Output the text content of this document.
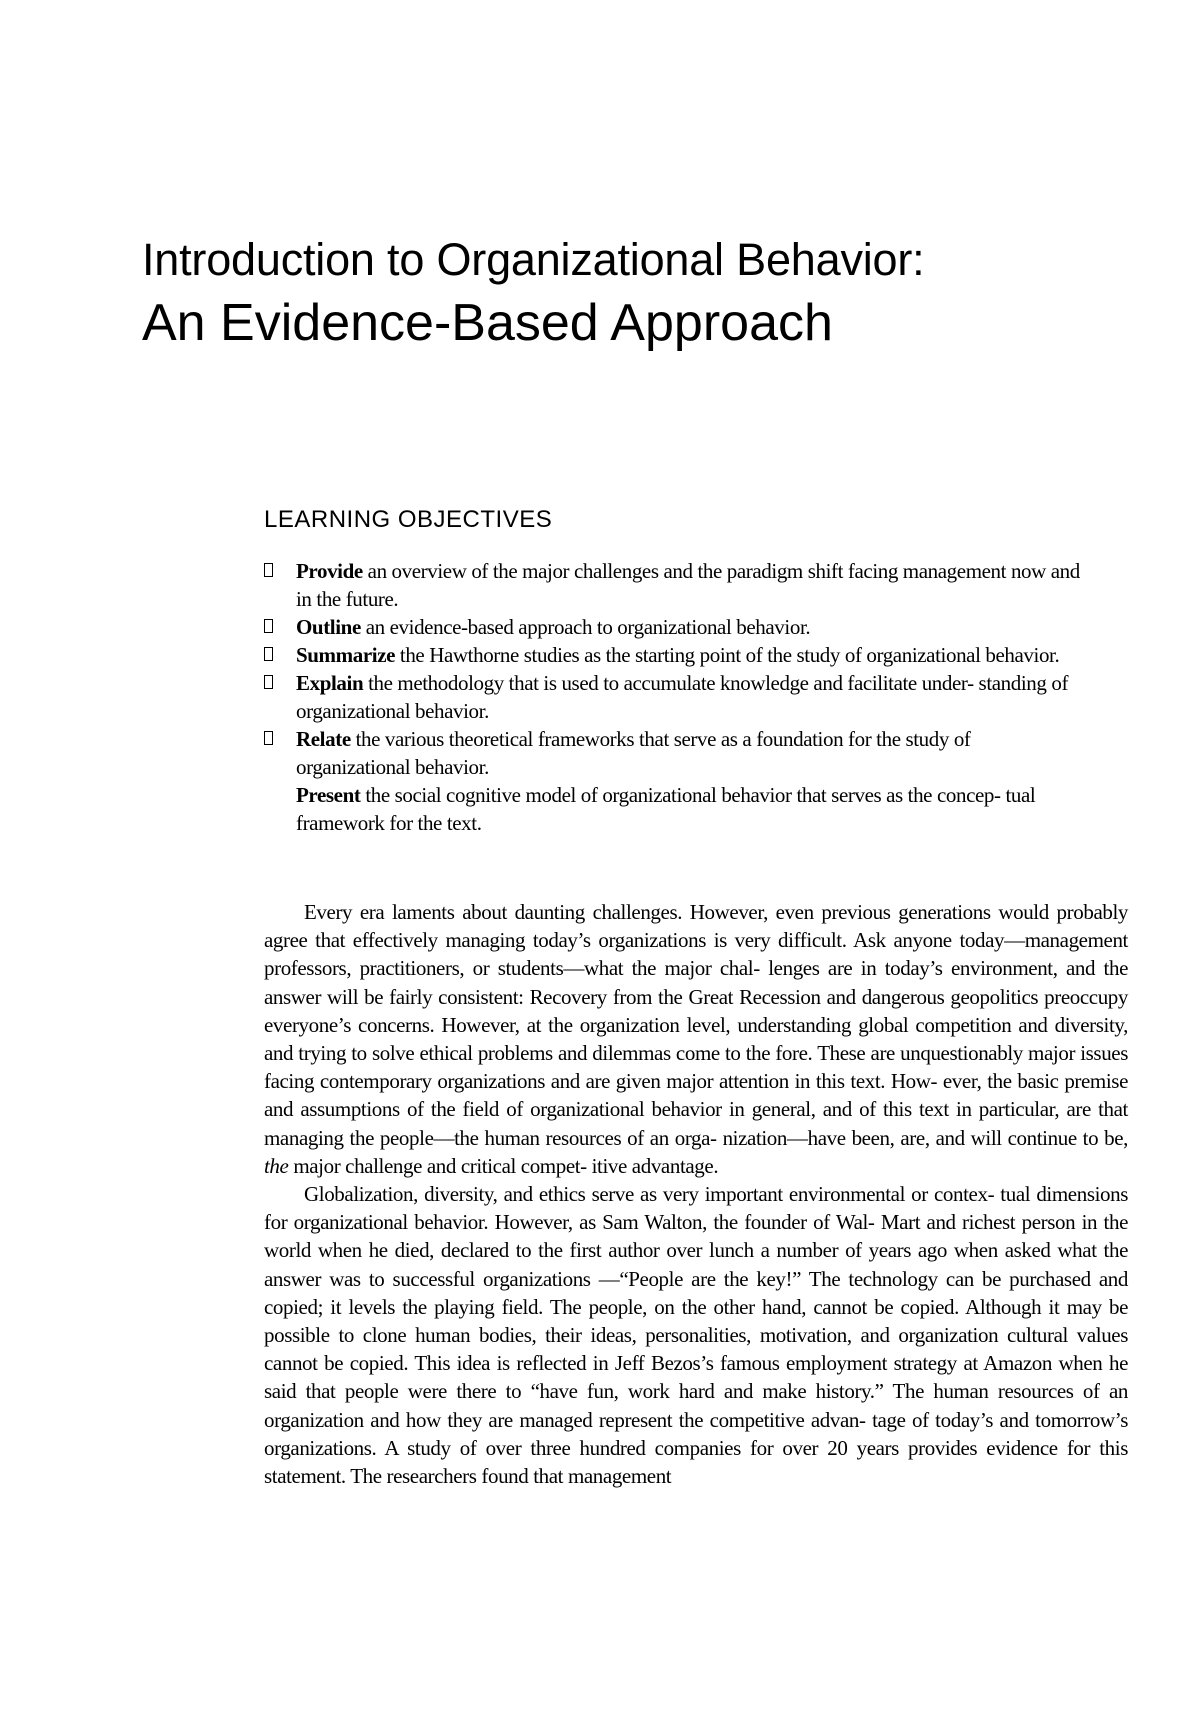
Introduction to Organizational Behavior:
An Evidence-Based Approach
LEARNING OBJECTIVES
Provide an overview of the major challenges and the paradigm shift facing management now and in the future.
Outline an evidence-based approach to organizational behavior.
Summarize the Hawthorne studies as the starting point of the study of organizational behavior.
Explain the methodology that is used to accumulate knowledge and facilitate under- standing of organizational behavior.
Relate the various theoretical frameworks that serve as a foundation for the study of organizational behavior.
Present the social cognitive model of organizational behavior that serves as the concep- tual framework for the text.

Every era laments about daunting challenges. However, even previous generations would probably agree that effectively managing today’s organizations is very difficult. Ask anyone today—management professors, practitioners, or students—what the major chal- lenges are in today’s environment, and the answer will be fairly consistent: Recovery from the Great Recession and dangerous geopolitics preoccupy everyone’s concerns. However, at the organization level, understanding global competition and diversity, and trying to solve ethical problems and dilemmas come to the fore. These are unquestionably major issues facing contemporary organizations and are given major attention in this text. How- ever, the basic premise and assumptions of the field of organizational behavior in general, and of this text in particular, are that managing the people—the human resources of an orga- nization—have been, are, and will continue to be, the major challenge and critical compet- itive advantage.

Globalization, diversity, and ethics serve as very important environmental or contex- tual dimensions for organizational behavior. However, as Sam Walton, the founder of Wal- Mart and richest person in the world when he died, declared to the first author over lunch a number of years ago when asked what the answer was to successful organizations —“People are the key!” The technology can be purchased and copied; it levels the playing field. The people, on the other hand, cannot be copied. Although it may be possible to clone human bodies, their ideas, personalities, motivation, and organization cultural values cannot be copied. This idea is reflected in Jeff Bezos’s famous employment strategy at Amazon when he said that people were there to “have fun, work hard and make history.” The human resources of an organization and how they are managed represent the competitive advan- tage of today’s and tomorrow’s organizations. A study of over three hundred companies for over 20 years provides evidence for this statement. The researchers found that management
